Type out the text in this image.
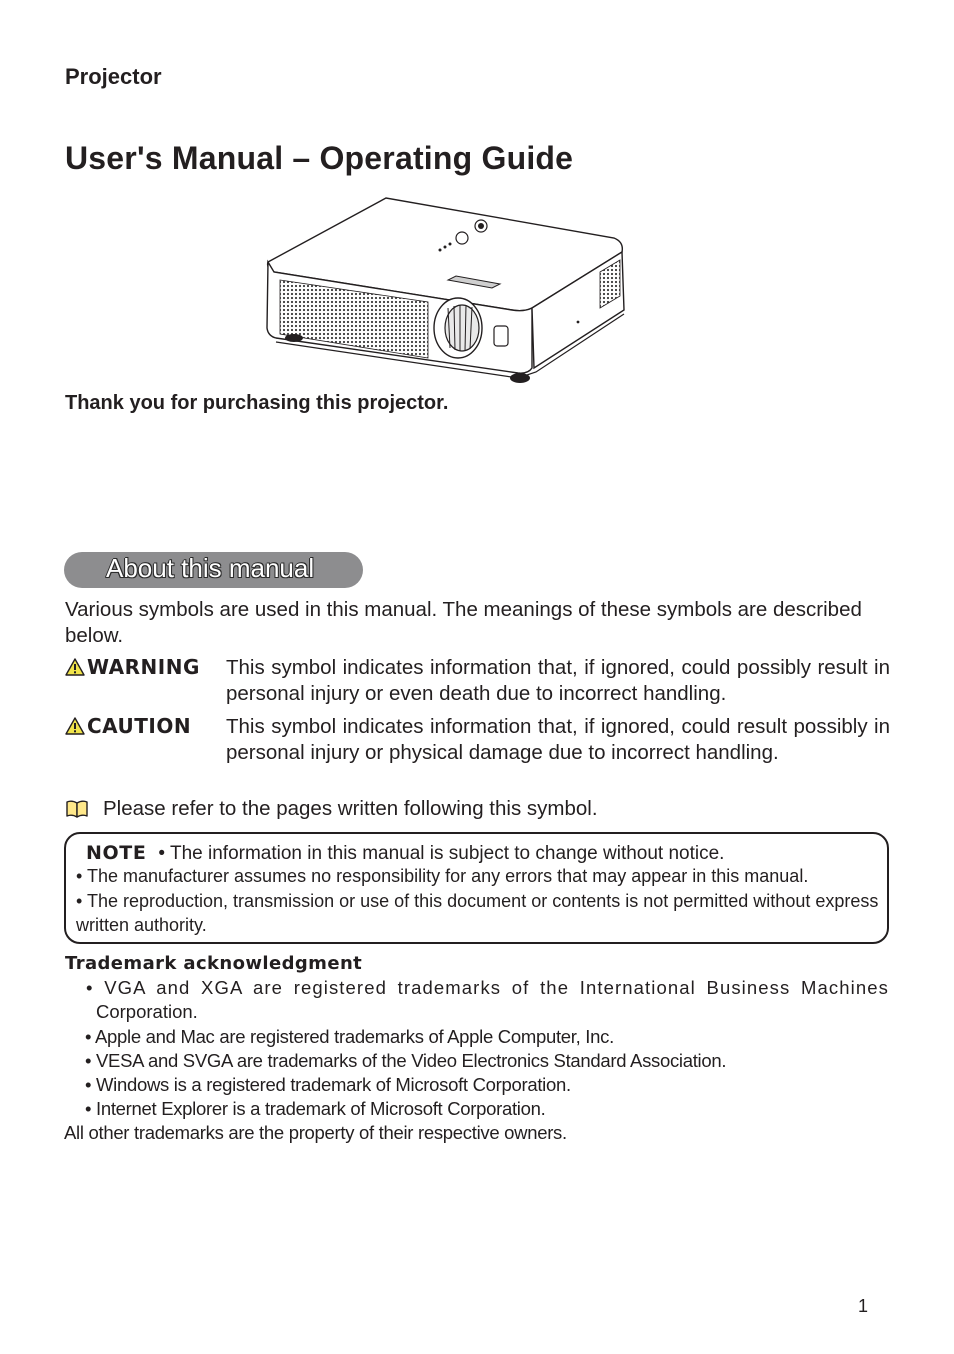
Projector
User's Manual – Operating Guide
Thank you for purchasing this projector.
About this manual
Various symbols are used in this manual. The meanings of these symbols are described below.
WARNING This symbol indicates information that, if ignored, could possibly result in personal injury or even death due to incorrect handling.
CAUTION This symbol indicates information that, if ignored, could result possibly in personal injury or physical damage due to incorrect handling.
Please refer to the pages written following this symbol.
NOTE • The information in this manual is subject to change without notice.
• The manufacturer assumes no responsibility for any errors that may appear in this manual.
• The reproduction, transmission or use of this document or contents is not permitted without express written authority.
Trademark acknowledgment
• VGA and XGA are registered trademarks of the International Business Machines
Corporation.
• Apple and Mac are registered trademarks of Apple Computer, Inc.
• VESA and SVGA are trademarks of the Video Electronics Standard Association.
• Windows is a registered trademark of Microsoft Corporation.
• Internet Explorer is a trademark of Microsoft Corporation.
All other trademarks are the property of their respective owners.
1
